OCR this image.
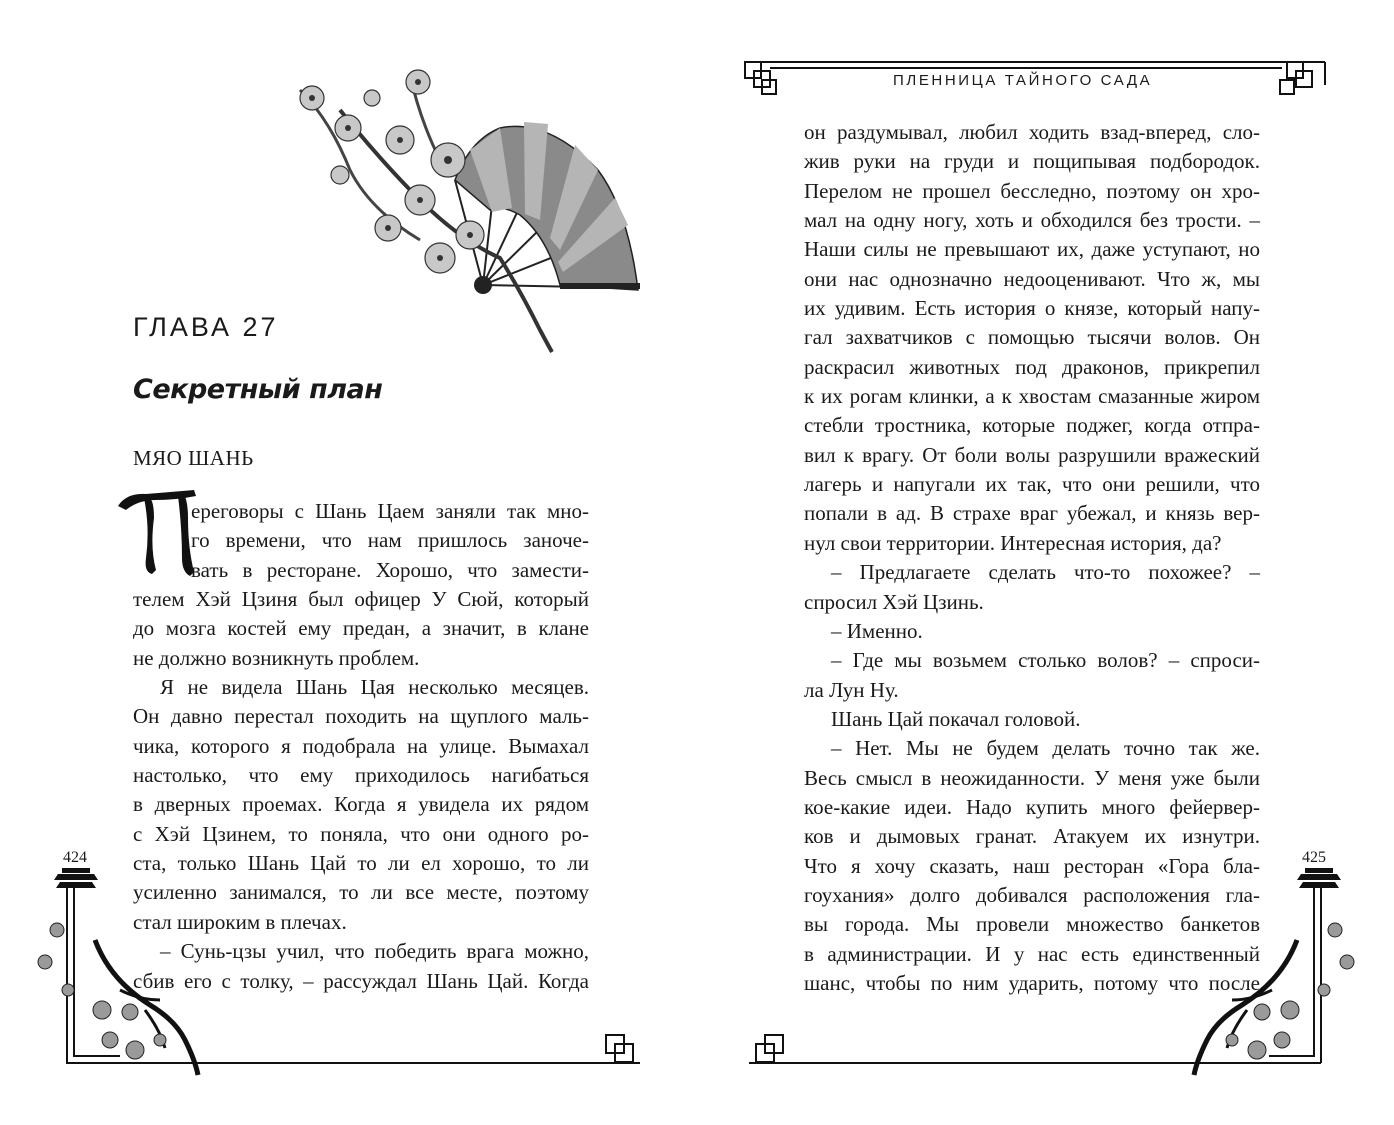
ГЛАВА 27
Секретный план
МЯО ШАНЬ

ереговоры с Шань Цаем заняли так мно-

го времени, что нам пришлось заноче-

вать в ресторане. Хорошо, что замести-

телем Хэй Цзиня был офицер У Сюй, который

до мозга костей ему предан, а значит, в клане

не должно возникнуть проблем.

Я не видела Шань Цая несколько месяцев.

Он давно перестал походить на щуплого маль-

чика, которого я подобрала на улице. Вымахал

настолько, что ему приходилось нагибаться

в дверных проемах. Когда я увидела их рядом

с Хэй Цзинем, то поняла, что они одного ро-

ста, только Шань Цай то ли ел хорошо, то ли

усиленно занимался, то ли все месте, поэтому

стал широким в плечах.

– Сунь-цзы учил, что победить врага можно,

сбив его с толку, – рассуждал Шань Цай. Когда

424
ПЛЕННИЦА ТАЙНОГО САДА

он раздумывал, любил ходить взад-вперед, сло-

жив руки на груди и пощипывая подбородок.

Перелом не прошел бесследно, поэтому он хро-

мал на одну ногу, хоть и обходился без трости. –

Наши силы не превышают их, даже уступают, но

они нас однозначно недооценивают. Что ж, мы

их удивим. Есть история о князе, который напу-

гал захватчиков с помощью тысячи волов. Он

раскрасил животных под драконов, прикрепил

к их рогам клинки, а к хвостам смазанные жиром

стебли тростника, которые поджег, когда отпра-

вил к врагу. От боли волы разрушили вражеский

лагерь и напугали их так, что они решили, что

попали в ад. В страхе враг убежал, и князь вер-

нул свои территории. Интересная история, да?

– Предлагаете сделать что-то похожее? –

спросил Хэй Цзинь.

– Именно.

– Где мы возьмем столько волов? – спроси-

ла Лун Ну.

Шань Цай покачал головой.

– Нет. Мы не будем делать точно так же.

Весь смысл в неожиданности. У меня уже были

кое-какие идеи. Надо купить много фейервер-

ков и дымовых гранат. Атакуем их изнутри.

Что я хочу сказать, наш ресторан «Гора бла-

гоухания» долго добивался расположения гла-

вы города. Мы провели множество банкетов

в администрации. И у нас есть единственный

шанс, чтобы по ним ударить, потому что после

425
